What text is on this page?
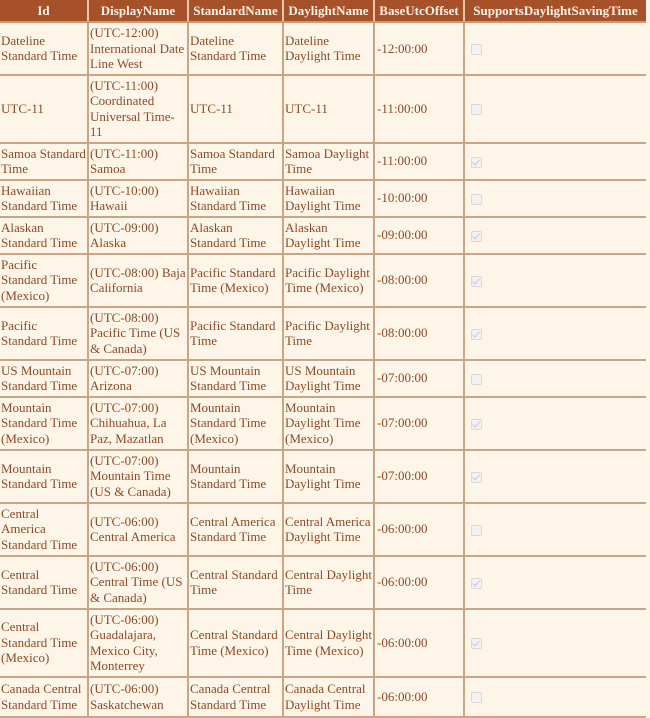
Id	DisplayName	StandardName	DaylightName	BaseUtcOffset	SupportsDaylightSavingTime
Dateline Standard Time	(UTC-12:00) International Date Line West	Dateline Standard Time	Dateline Daylight Time	-12:00:00	
UTC-11	(UTC-11:00) Coordinated Universal Time-11	UTC-11	UTC-11	-11:00:00	
Samoa Standard Time	(UTC-11:00) Samoa	Samoa Standard Time	Samoa Daylight Time	-11:00:00	
Hawaiian Standard Time	(UTC-10:00) Hawaii	Hawaiian Standard Time	Hawaiian Daylight Time	-10:00:00	
Alaskan Standard Time	(UTC-09:00) Alaska	Alaskan Standard Time	Alaskan Daylight Time	-09:00:00	
Pacific Standard Time (Mexico)	(UTC-08:00) Baja California	Pacific Standard Time (Mexico)	Pacific Daylight Time (Mexico)	-08:00:00	
Pacific Standard Time	(UTC-08:00) Pacific Time (US & Canada)	Pacific Standard Time	Pacific Daylight Time	-08:00:00	
US Mountain Standard Time	(UTC-07:00) Arizona	US Mountain Standard Time	US Mountain Daylight Time	-07:00:00	
Mountain Standard Time (Mexico)	(UTC-07:00) Chihuahua, La Paz, Mazatlan	Mountain Standard Time (Mexico)	Mountain Daylight Time (Mexico)	-07:00:00	
Mountain Standard Time	(UTC-07:00) Mountain Time (US & Canada)	Mountain Standard Time	Mountain Daylight Time	-07:00:00	
Central America Standard Time	(UTC-06:00) Central America	Central America Standard Time	Central America Daylight Time	-06:00:00	
Central Standard Time	(UTC-06:00) Central Time (US & Canada)	Central Standard Time	Central Daylight Time	-06:00:00	
Central Standard Time (Mexico)	(UTC-06:00) Guadalajara, Mexico City, Monterrey	Central Standard Time (Mexico)	Central Daylight Time (Mexico)	-06:00:00	
Canada Central Standard Time	(UTC-06:00) Saskatchewan	Canada Central Standard Time	Canada Central Daylight Time	-06:00:00	
